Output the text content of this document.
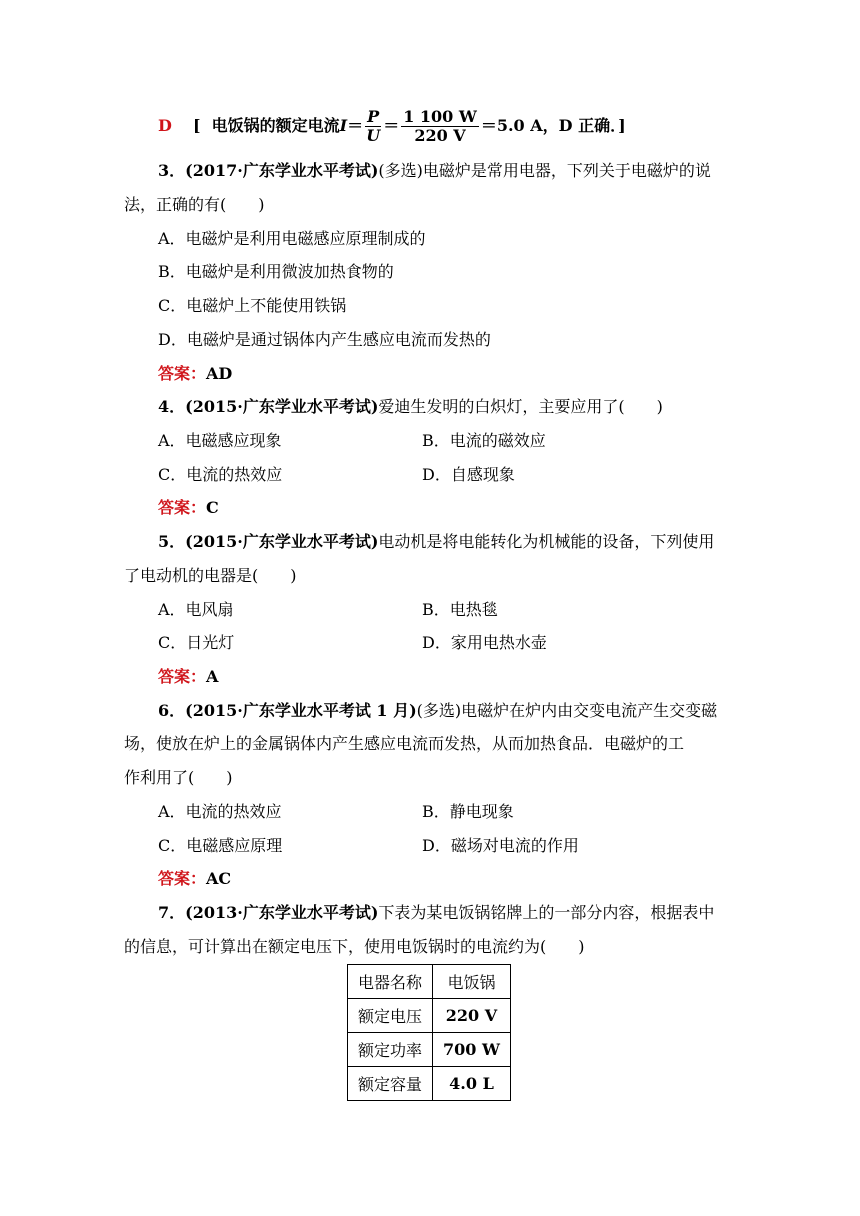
D [ 电饭锅的额定电流$I= \frac{P}{U} = \frac{1 100 W}{220 V} =5.0$ A，D 正确．]
3．(2017·广东学业水平考试)(多选)电磁炉是常用电器，下列关于电磁炉的说
法，正确的有(　　)
A．电磁炉是利用电磁感应原理制成的
B．电磁炉是利用微波加热食物的
C．电磁炉上不能使用铁锅
D．电磁炉是通过锅体内产生感应电流而发热的
答案：AD
4．(2015·广东学业水平考试)爱迪生发明的白炽灯，主要应用了(　　)
A．电磁感应现象	B．电流的磁效应
C．电流的热效应	D．自感现象
答案：C
5．(2015·广东学业水平考试)电动机是将电能转化为机械能的设备，下列使用
了电动机的电器是(　　)
A．电风扇	B．电热毯
C．日光灯	D．家用电热水壶
答案：A
6．(2015·广东学业水平考试 1 月)(多选)电磁炉在炉内由交变电流产生交变磁
场，使放在炉上的金属锅体内产生感应电流而发热，从而加热食品．电磁炉的工
作利用了(　　)
A．电流的热效应	B．静电现象
C．电磁感应原理	D．磁场对电流的作用
答案：AC
7．(2013·广东学业水平考试)下表为某电饭锅铭牌上的一部分内容，根据表中
的信息，可计算出在额定电压下，使用电饭锅时的电流约为(　　)
电器名称	电饭锅
额定电压	220 V
额定功率	700 W
额定容量	4.0 L
